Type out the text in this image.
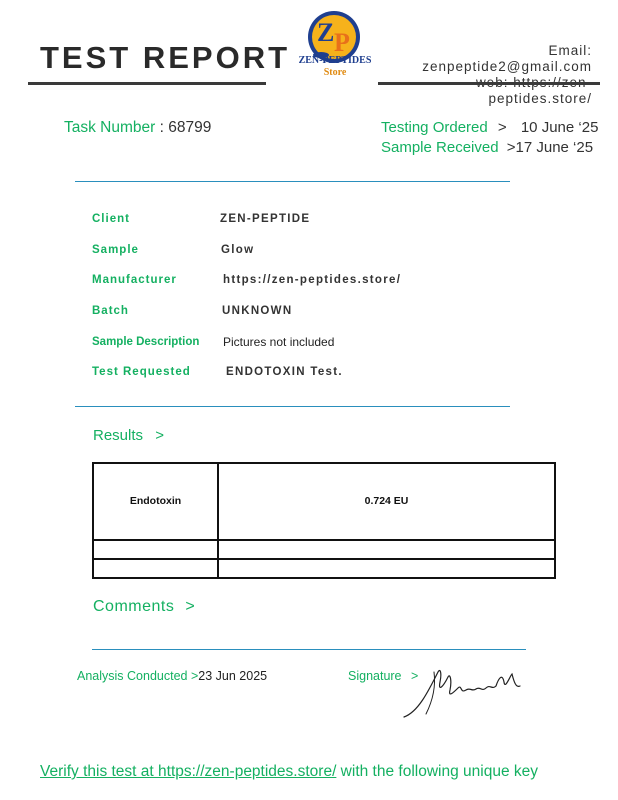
TEST REPORT
Z P
ZEN-PEPTIDES
Store
Email: zenpeptide2@gmail.com
peptides.store/
Task Number : 68799	Testing Ordered > 10 June ‘25
Sample Received >17 June ‘25
Client	ZEN-PEPTIDE
Sample	Glow
Manufacturer	https://zen-peptides.store/
Batch	UNKNOWN
Sample Description Pictures not included
Test Requested	ENDOTOXIN Test.
Results >
Endotoxin	0.724 EU

Comments >
Analysis Conducted >23 Jun 2025	Signature >
Verify this test at https://zen-peptides.store/ with the following unique key
